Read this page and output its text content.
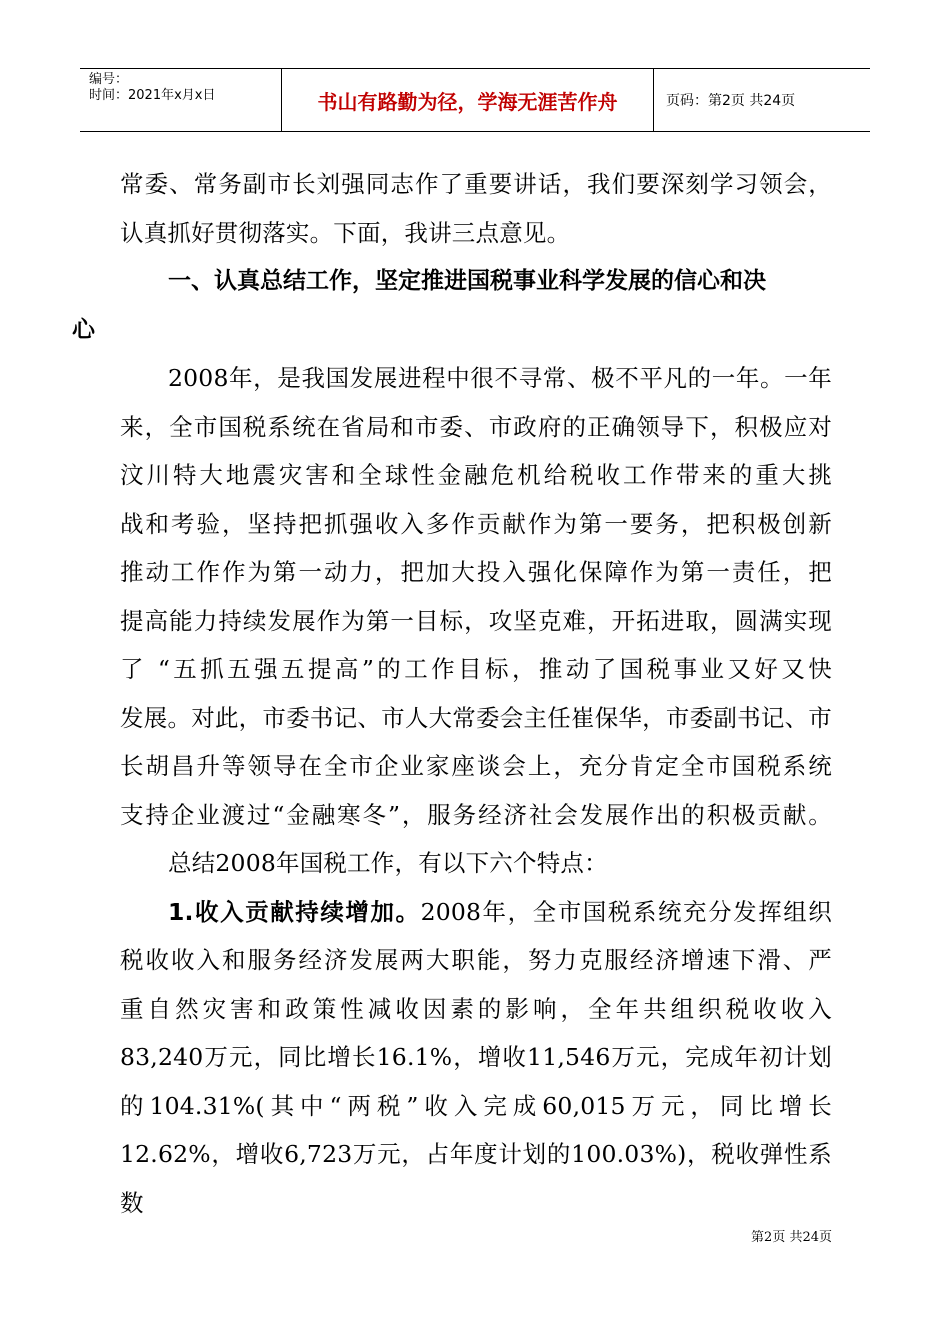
编号：
时间：2021年x月x日	书山有路勤为径，学海无涯苦作舟	页码：第2页 共24页

常委、常务副市长刘强同志作了重要讲话，我们要深刻学习领会，

认真抓好贯彻落实。下面，我讲三点意见。

一、认真总结工作，坚定推进国税事业科学发展的信心和决
心

2008年，是我国发展进程中很不寻常、极不平凡的一年。一年

来，全市国税系统在省局和市委、市政府的正确领导下，积极应对

汶川特大地震灾害和全球性金融危机给税收工作带来的重大挑

战和考验，坚持把抓强收入多作贡献作为第一要务，把积极创新

推动工作作为第一动力，把加大投入强化保障作为第一责任，把

提高能力持续发展作为第一目标，攻坚克难，开拓进取，圆满实现

了 “五抓五强五提高”的工作目标，推动了国税事业又好又快

发展。对此，市委书记、市人大常委会主任崔保华，市委副书记、市

长胡昌升等领导在全市企业家座谈会上，充分肯定全市国税系统

支持企业渡过“金融寒冬”，服务经济社会发展作出的积极贡献。

总结2008年国税工作，有以下六个特点：

1.收入贡献持续增加。2008年，全市国税系统充分发挥组织

税收收入和服务经济发展两大职能，努力克服经济增速下滑、严

重自然灾害和政策性减收因素的影响，全年共组织税收收入

83,240万元，同比增长16.1%，增收11,546万元，完成年初计划

的104.31%(其中“两税”收入完成60,015万元，同比增长

12.62%，增收6,723万元，占年度计划的100.03%)，税收弹性系数

第2页 共24页
